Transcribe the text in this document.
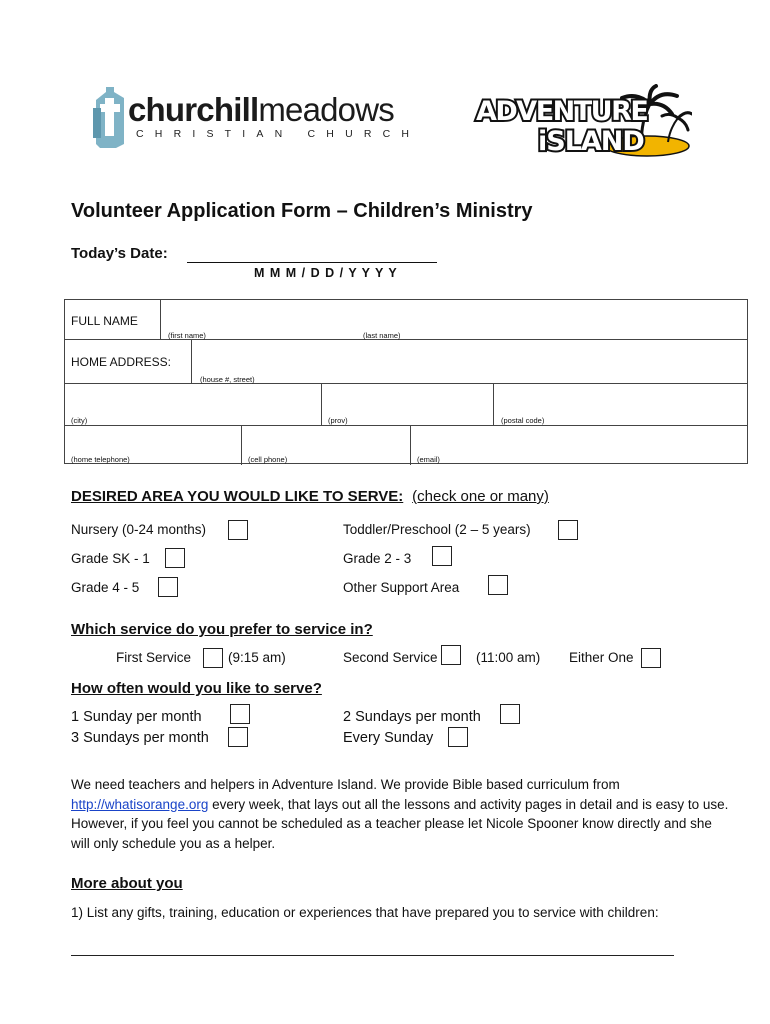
churchillmeadows
CHRISTIAN CHURCH
ADVENTURE
iSLAND
Volunteer Application Form – Children’s Ministry
Today’s Date:
M M M / D D / Y Y Y Y
FULL NAME
(first name)	(last name)
HOME ADDRESS:
(house #, street)
(city)	(prov)	(postal code)
(home telephone)	(cell phone)	(email)
DESIRED AREA YOU WOULD LIKE TO SERVE: (check one or many)
Nursery (0-24 months)	Toddler/Preschool (2 – 5 years)
Grade SK - 1	Grade 2 - 3
Grade 4 - 5	Other Support Area
Which service do you prefer to service in?
First Service	(9:15 am)	Second Service	(11:00 am) Either One
How often would you like to serve?
1 Sunday per month	2 Sundays per month
3 Sundays per month	Every Sunday
We need teachers and helpers in Adventure Island. We provide Bible based curriculum from
http://whatisorange.org every week, that lays out all the lessons and activity pages in detail and is easy to use. However, if you feel you cannot be scheduled as a teacher please let Nicole Spooner know directly and she will only schedule you as a helper.
More about you
1) List any gifts, training, education or experiences that have prepared you to service with children:
